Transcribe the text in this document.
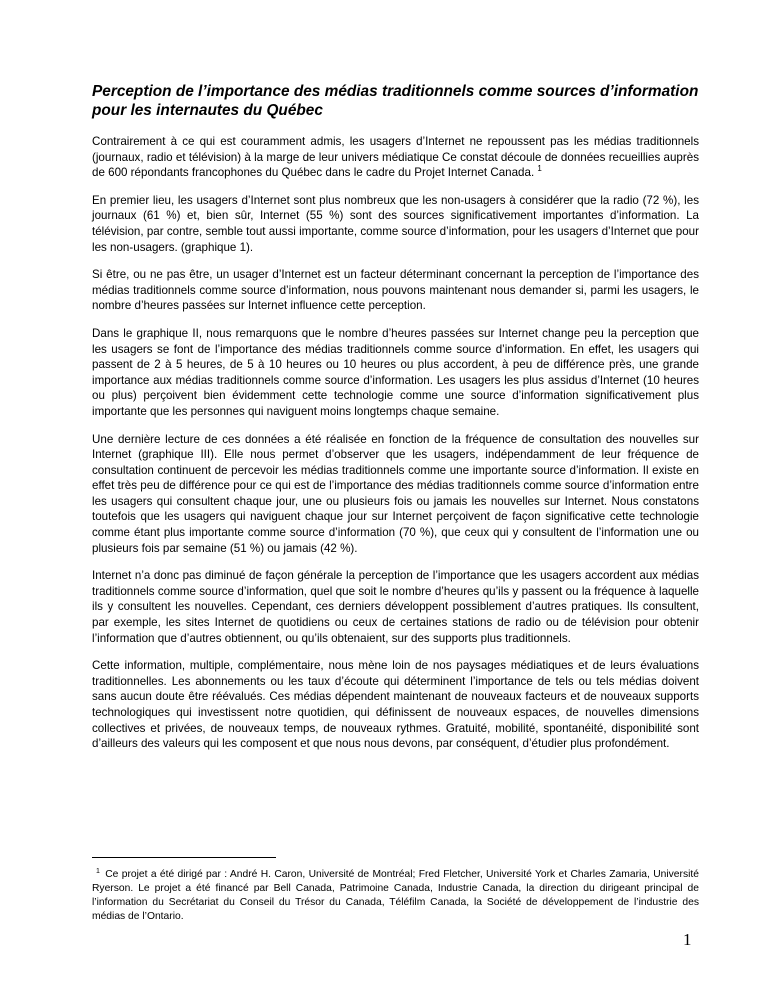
Perception de l’importance des médias traditionnels comme sources d’information pour les internautes du Québec

Contrairement à ce qui est couramment admis, les usagers d’Internet ne repoussent pas les médias traditionnels (journaux, radio et télévision) à la marge de leur univers médiatique Ce constat découle de données recueillies auprès de 600 répondants francophones du Québec dans le cadre du Projet Internet Canada. $^1$

En premier lieu, les usagers d’Internet sont plus nombreux que les non-usagers à considérer que la radio (72 %), les journaux (61 %) et, bien sûr, Internet (55 %) sont des sources significativement importantes d’information. La télévision, par contre, semble tout aussi importante, comme source d’information, pour les usagers d’Internet que pour les non-usagers. (graphique 1).

Si être, ou ne pas être, un usager d’Internet est un facteur déterminant concernant la perception de l’importance des médias traditionnels comme source d’information, nous pouvons maintenant nous demander si, parmi les usagers, le nombre d’heures passées sur Internet influence cette perception.

Dans le graphique II, nous remarquons que le nombre d’heures passées sur Internet change peu la perception que les usagers se font de l’importance des médias traditionnels comme source d’information. En effet, les usagers qui passent de 2 à 5 heures, de 5 à 10 heures ou 10 heures ou plus accordent, à peu de différence près, une grande importance aux médias traditionnels comme source d’information. Les usagers les plus assidus d’Internet (10 heures ou plus) perçoivent bien évidemment cette technologie comme une source d’information significativement plus importante que les personnes qui naviguent moins longtemps chaque semaine.

Une dernière lecture de ces données a été réalisée en fonction de la fréquence de consultation des nouvelles sur Internet (graphique III). Elle nous permet d’observer que les usagers, indépendamment de leur fréquence de consultation continuent de percevoir les médias traditionnels comme une importante source d’information. Il existe en effet très peu de différence pour ce qui est de l’importance des médias traditionnels comme source d’information entre les usagers qui consultent chaque jour, une ou plusieurs fois ou jamais les nouvelles sur Internet. Nous constatons toutefois que les usagers qui naviguent chaque jour sur Internet perçoivent de façon significative cette technologie comme étant plus importante comme source d’information (70 %), que ceux qui y consultent de l’information une ou plusieurs fois par semaine (51 %) ou jamais (42 %).

Internet n’a donc pas diminué de façon générale la perception de l’importance que les usagers accordent aux médias traditionnels comme source d’information, quel que soit le nombre d’heures qu’ils y passent ou la fréquence à laquelle ils y consultent les nouvelles. Cependant, ces derniers développent possiblement d’autres pratiques. Ils consultent, par exemple, les sites Internet de quotidiens ou ceux de certaines stations de radio ou de télévision pour obtenir l’information que d’autres obtiennent, ou qu’ils obtenaient, sur des supports plus traditionnels.

Cette information, multiple, complémentaire, nous mène loin de nos paysages médiatiques et de leurs évaluations traditionnelles. Les abonnements ou les taux d’écoute qui déterminent l’importance de tels ou tels médias doivent sans aucun doute être réévalués. Ces médias dépendent maintenant de nouveaux facteurs et de nouveaux supports technologiques qui investissent notre quotidien, qui définissent de nouveaux espaces, de nouvelles dimensions collectives et privées, de nouveaux temps, de nouveaux rythmes. Gratuité, mobilité, spontanéité, disponibilité sont d’ailleurs des valeurs qui les composent et que nous nous devons, par conséquent, d’étudier plus profondément.

$^1$ Ce projet a été dirigé par : André H. Caron, Université de Montréal; Fred Fletcher, Université York et Charles Zamaria, Université Ryerson. Le projet a été financé par Bell Canada, Patrimoine Canada, Industrie Canada, la direction du dirigeant principal de l’information du Secrétariat du Conseil du Trésor du Canada, Téléfilm Canada, la Société de développement de l’industrie des médias de l’Ontario.
1
